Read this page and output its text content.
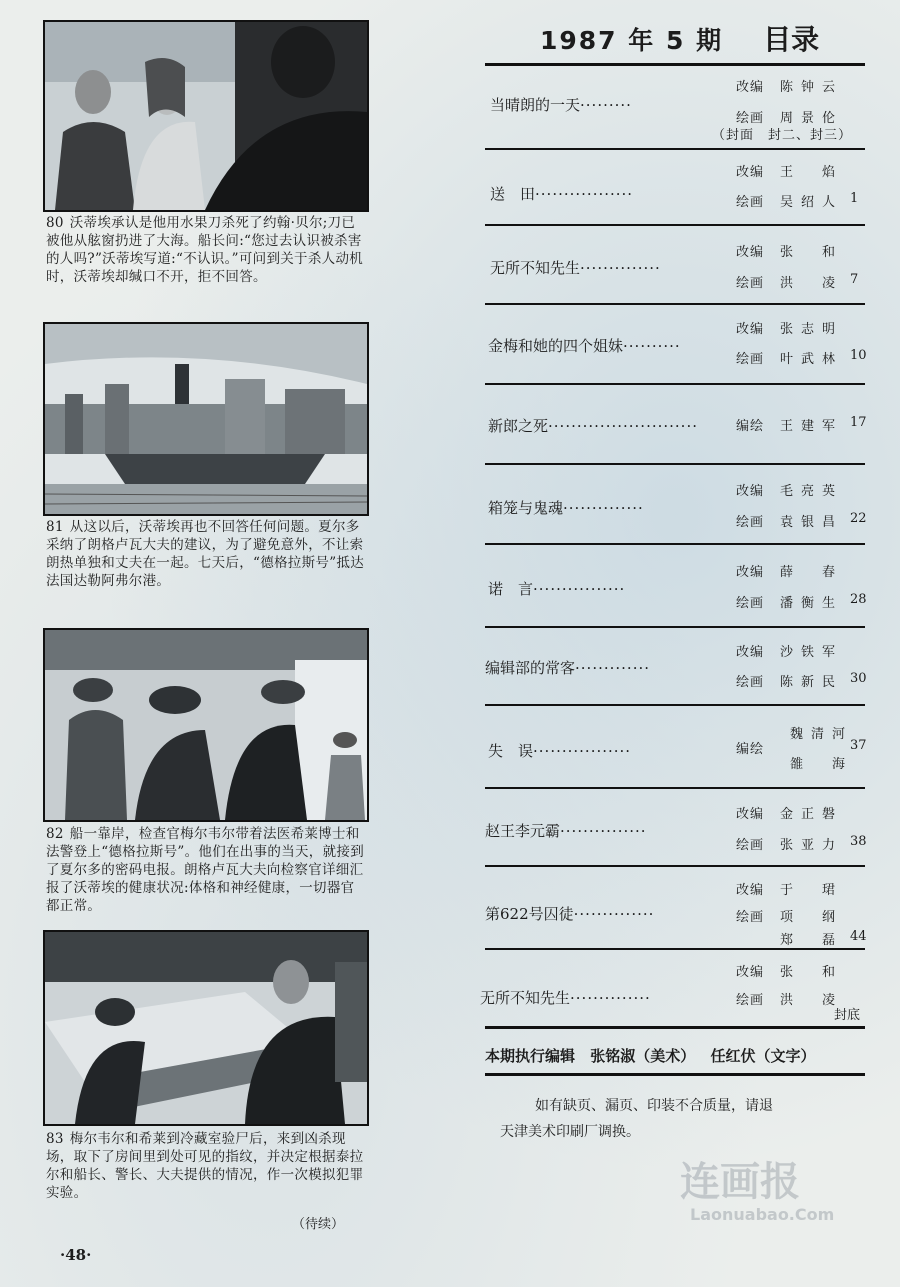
80 沃蒂埃承认是他用水果刀杀死了约翰·贝尔;刀已被他从舷窗扔进了大海。船长问:“您过去认识被杀害的人吗?”沃蒂埃写道:“不认识。”可问到关于杀人动机时，沃蒂埃却缄口不开，拒不回答。
81 从这以后，沃蒂埃再也不回答任何问题。夏尔多采纳了朗格卢瓦大夫的建议，为了避免意外，不让索朗热单独和丈夫在一起。七天后，“德格拉斯号”抵达法国达勒阿弗尔港。
82 船一靠岸，检查官梅尔韦尔带着法医希莱博士和法警登上“德格拉斯号”。他们在出事的当天，就接到了夏尔多的密码电报。朗格卢瓦大夫向检察官详细汇报了沃蒂埃的健康状况:体格和神经健康，一切器官都正常。
83 梅尔韦尔和希莱到冷藏室验尸后，来到凶杀现场，取下了房间里到处可见的指纹，并决定根据泰拉尔和船长、警长、大夫提供的情况，作一次模拟犯罪实验。
（待续）
·48·
1987 年 5 期 目录
当晴朗的一天·········
改编 陈钟云
绘画 周景伦
（封面　封二、封三）
送　田·················
改编 王　焰
绘画 吴绍人 1
无所不知先生··············
改编 张　和
绘画 洪　凌 7
金梅和她的四个姐妹··········
改编 张志明
绘画 叶武林 10
新郎之死··························	编绘 王建军 17
箱笼与鬼魂··············
改编 毛亮英
绘画 袁银昌 22
诺　言················
改编 薛　春
绘画 潘衡生 28
编辑部的常客·············
改编 沙铁军
绘画 陈新民 30
失　误·················	编绘
魏清河
雒　海
37
赵王李元霸···············
改编 金正磐
绘画 张亚力 38
第622号囚徒··············
改编 于　珺
绘画 项　纲
郑　磊 44
无所不知先生··············
改编 张　和
绘画 洪　凌
封底
本期执行编辑 张铭淑（美术） 任红伏（文字）
如有缺页、漏页、印装不合质量，请退
天津美术印刷厂调换。
连画报
Laonuabao.Com
